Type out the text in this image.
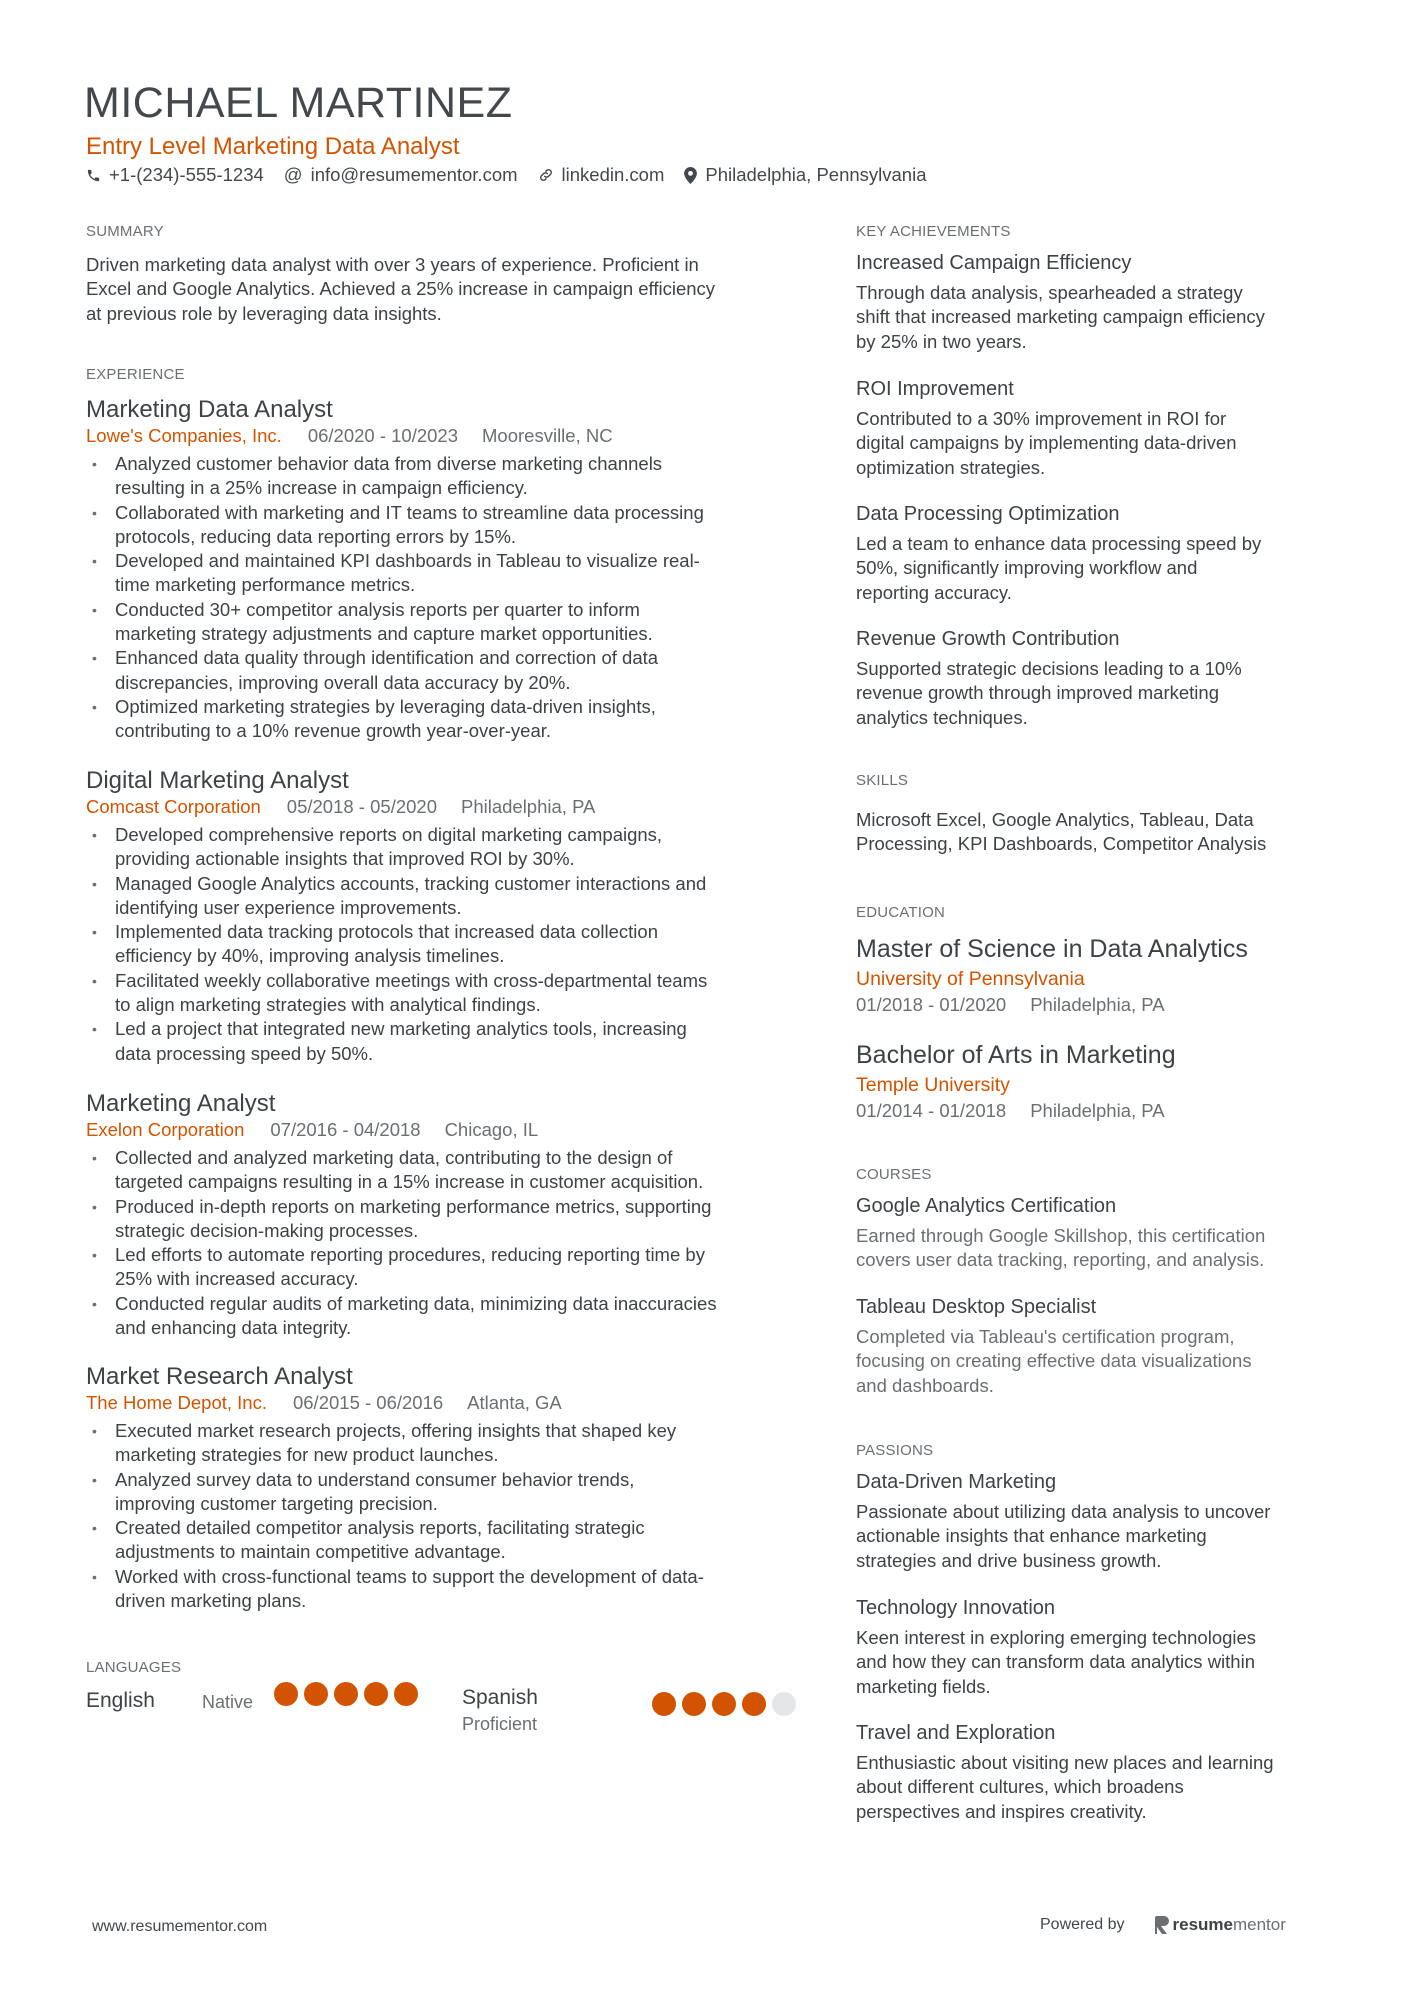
MICHAEL MARTINEZ
Entry Level Marketing Data Analyst
+1-(234)-555-1234 @ info@resumementor.com linkedin.com Philadelphia, Pennsylvania
SUMMARY
Driven marketing data analyst with over 3 years of experience. Proficient in
Excel and Google Analytics. Achieved a 25% increase in campaign efficiency
at previous role by leveraging data insights.
EXPERIENCE
Marketing Data Analyst
Lowe's Companies, Inc. 06/2020 - 10/2023 Mooresville, NC
• Analyzed customer behavior data from diverse marketing channels
resulting in a 25% increase in campaign efficiency.
• Collaborated with marketing and IT teams to streamline data processing
protocols, reducing data reporting errors by 15%.
• Developed and maintained KPI dashboards in Tableau to visualize real-
time marketing performance metrics.
• Conducted 30+ competitor analysis reports per quarter to inform
marketing strategy adjustments and capture market opportunities.
• Enhanced data quality through identification and correction of data
discrepancies, improving overall data accuracy by 20%.
• Optimized marketing strategies by leveraging data-driven insights,
contributing to a 10% revenue growth year-over-year.
Digital Marketing Analyst
Comcast Corporation 05/2018 - 05/2020 Philadelphia, PA
• Developed comprehensive reports on digital marketing campaigns,
providing actionable insights that improved ROI by 30%.
• Managed Google Analytics accounts, tracking customer interactions and
identifying user experience improvements.
• Implemented data tracking protocols that increased data collection
efficiency by 40%, improving analysis timelines.
• Facilitated weekly collaborative meetings with cross-departmental teams
to align marketing strategies with analytical findings.
• Led a project that integrated new marketing analytics tools, increasing
data processing speed by 50%.
Marketing Analyst
Exelon Corporation 07/2016 - 04/2018 Chicago, IL
• Collected and analyzed marketing data, contributing to the design of
targeted campaigns resulting in a 15% increase in customer acquisition.
• Produced in-depth reports on marketing performance metrics, supporting
strategic decision-making processes.
• Led efforts to automate reporting procedures, reducing reporting time by
25% with increased accuracy.
• Conducted regular audits of marketing data, minimizing data inaccuracies
and enhancing data integrity.
Market Research Analyst
The Home Depot, Inc. 06/2015 - 06/2016 Atlanta, GA
• Executed market research projects, offering insights that shaped key
marketing strategies for new product launches.
• Analyzed survey data to understand consumer behavior trends,
improving customer targeting precision.
• Created detailed competitor analysis reports, facilitating strategic
adjustments to maintain competitive advantage.
• Worked with cross-functional teams to support the development of data-
driven marketing plans.
LANGUAGES
English	Native	Spanish
Proficient
KEY ACHIEVEMENTS
Increased Campaign Efficiency
Through data analysis, spearheaded a strategy
shift that increased marketing campaign efficiency
by 25% in two years.
ROI Improvement
Contributed to a 30% improvement in ROI for
digital campaigns by implementing data-driven
optimization strategies.
Data Processing Optimization
Led a team to enhance data processing speed by
50%, significantly improving workflow and
reporting accuracy.
Revenue Growth Contribution
Supported strategic decisions leading to a 10%
revenue growth through improved marketing
analytics techniques.
SKILLS
Microsoft Excel, Google Analytics, Tableau, Data
Processing, KPI Dashboards, Competitor Analysis
EDUCATION
Master of Science in Data Analytics
University of Pennsylvania
01/2018 - 01/2020 Philadelphia, PA
Bachelor of Arts in Marketing
Temple University
01/2014 - 01/2018 Philadelphia, PA
COURSES
Google Analytics Certification
Earned through Google Skillshop, this certification
covers user data tracking, reporting, and analysis.
Tableau Desktop Specialist
Completed via Tableau's certification program,
focusing on creating effective data visualizations
and dashboards.
PASSIONS
Data-Driven Marketing
Passionate about utilizing data analysis to uncover
actionable insights that enhance marketing
strategies and drive business growth.
Technology Innovation
Keen interest in exploring emerging technologies
and how they can transform data analytics within
marketing fields.
Travel and Exploration
Enthusiastic about visiting new places and learning
about different cultures, which broadens
perspectives and inspires creativity.
www.resumementor.com	Powered by	resume mentor
